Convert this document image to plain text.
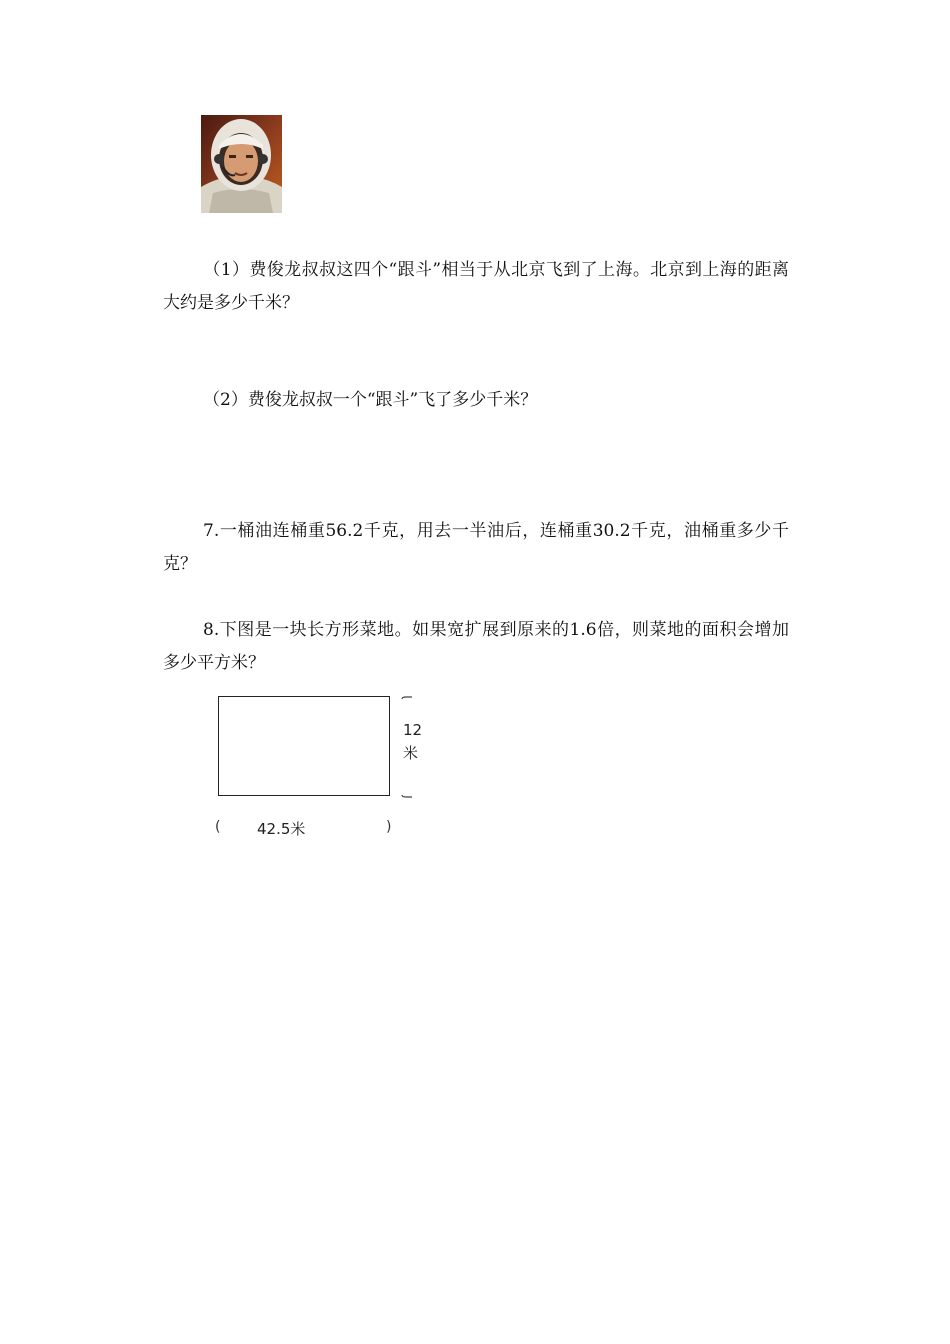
（1）费俊龙叔叔这四个“跟斗”相当于从北京飞到了上海。北京到上海的距离大约是多少千米？

（2）费俊龙叔叔一个“跟斗”飞了多少千米？

7.一桶油连桶重56.2千克，用去一半油后，连桶重30.2千克，油桶重多少千克？

8.下图是一块长方形菜地。如果宽扩展到原来的1.6倍，则菜地的面积会增加多少平方米？

12
米
( 42.5米	)
